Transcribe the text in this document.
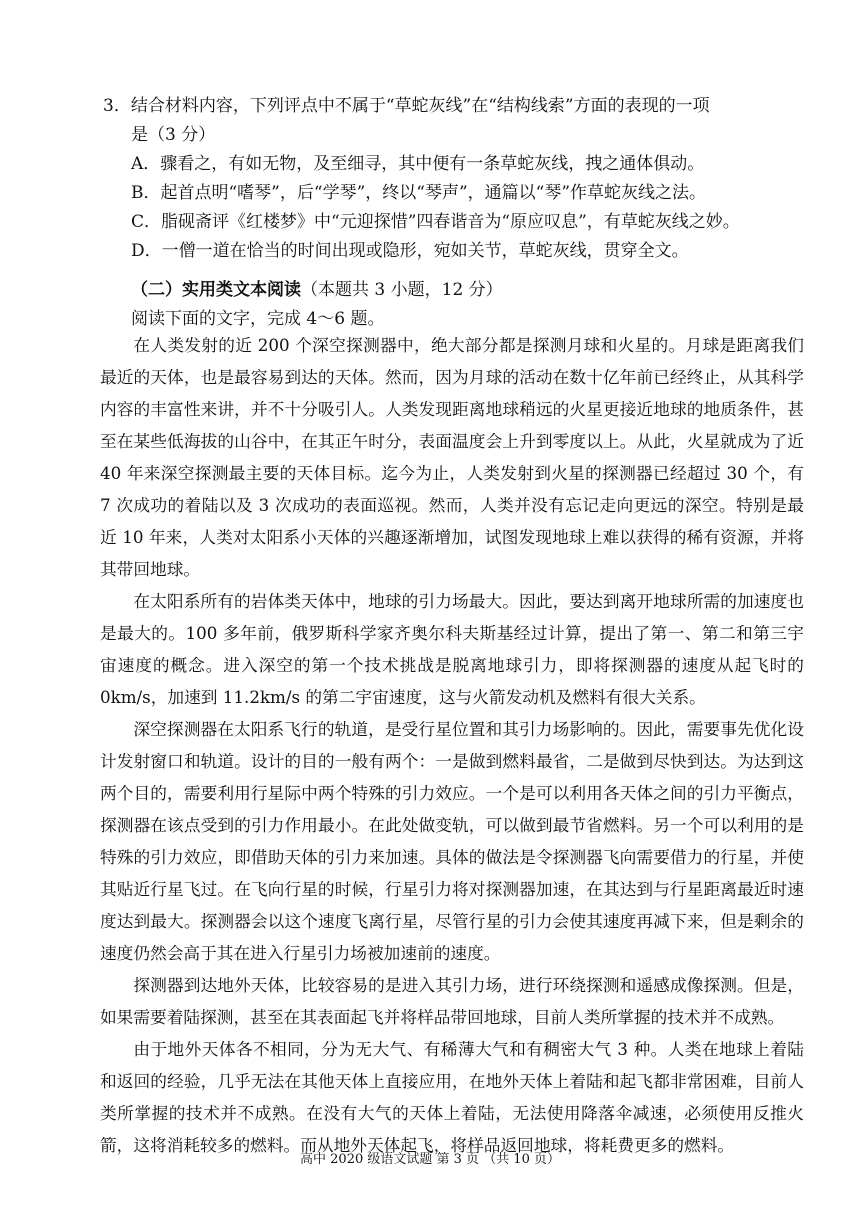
3．结合材料内容，下列评点中不属于“草蛇灰线”在“结构线索”方面的表现的一项
是（3 分）
A．骤看之，有如无物，及至细寻，其中便有一条草蛇灰线，拽之通体俱动。
B．起首点明“嗜琴”，后“学琴”，终以“琴声”，通篇以“琴”作草蛇灰线之法。
C．脂砚斋评《红楼梦》中“元迎探惜”四春谐音为“原应叹息”，有草蛇灰线之妙。
D．一僧一道在恰当的时间出现或隐形，宛如关节，草蛇灰线，贯穿全文。
（二）实用类文本阅读（本题共 3 小题，12 分）
阅读下面的文字，完成 4～6 题。

在人类发射的近 200 个深空探测器中，绝大部分都是探测月球和火星的。月球是距离我们最近的天体，也是最容易到达的天体。然而，因为月球的活动在数十亿年前已经终止，从其科学内容的丰富性来讲，并不十分吸引人。人类发现距离地球稍远的火星更接近地球的地质条件，甚至在某些低海拔的山谷中，在其正午时分，表面温度会上升到零度以上。从此，火星就成为了近 40 年来深空探测最主要的天体目标。迄今为止，人类发射到火星的探测器已经超过 30 个，有 7 次成功的着陆以及 3 次成功的表面巡视。然而，人类并没有忘记走向更远的深空。特别是最近 10 年来，人类对太阳系小天体的兴趣逐渐增加，试图发现地球上难以获得的稀有资源，并将其带回地球。

在太阳系所有的岩体类天体中，地球的引力场最大。因此，要达到离开地球所需的加速度也是最大的。100 多年前，俄罗斯科学家齐奥尔科夫斯基经过计算，提出了第一、第二和第三宇宙速度的概念。进入深空的第一个技术挑战是脱离地球引力，即将探测器的速度从起飞时的 0km/s，加速到 11.2km/s 的第二宇宙速度，这与火箭发动机及燃料有很大关系。

深空探测器在太阳系飞行的轨道，是受行星位置和其引力场影响的。因此，需要事先优化设计发射窗口和轨道。设计的目的一般有两个：一是做到燃料最省，二是做到尽快到达。为达到这两个目的，需要利用行星际中两个特殊的引力效应。一个是可以利用各天体之间的引力平衡点，探测器在该点受到的引力作用最小。在此处做变轨，可以做到最节省燃料。另一个可以利用的是特殊的引力效应，即借助天体的引力来加速。具体的做法是令探测器飞向需要借力的行星，并使其贴近行星飞过。在飞向行星的时候，行星引力将对探测器加速，在其达到与行星距离最近时速度达到最大。探测器会以这个速度飞离行星，尽管行星的引力会使其速度再减下来，但是剩余的速度仍然会高于其在进入行星引力场被加速前的速度。

探测器到达地外天体，比较容易的是进入其引力场，进行环绕探测和遥感成像探测。但是，如果需要着陆探测，甚至在其表面起飞并将样品带回地球，目前人类所掌握的技术并不成熟。

由于地外天体各不相同，分为无大气、有稀薄大气和有稠密大气 3 种。人类在地球上着陆和返回的经验，几乎无法在其他天体上直接应用，在地外天体上着陆和起飞都非常困难，目前人类所掌握的技术并不成熟。在没有大气的天体上着陆，无法使用降落伞减速，必须使用反推火箭，这将消耗较多的燃料。而从地外天体起飞，将样品返回地球，将耗费更多的燃料。

高中 2020 级语文试题 第 3 页 （共 10 页）
